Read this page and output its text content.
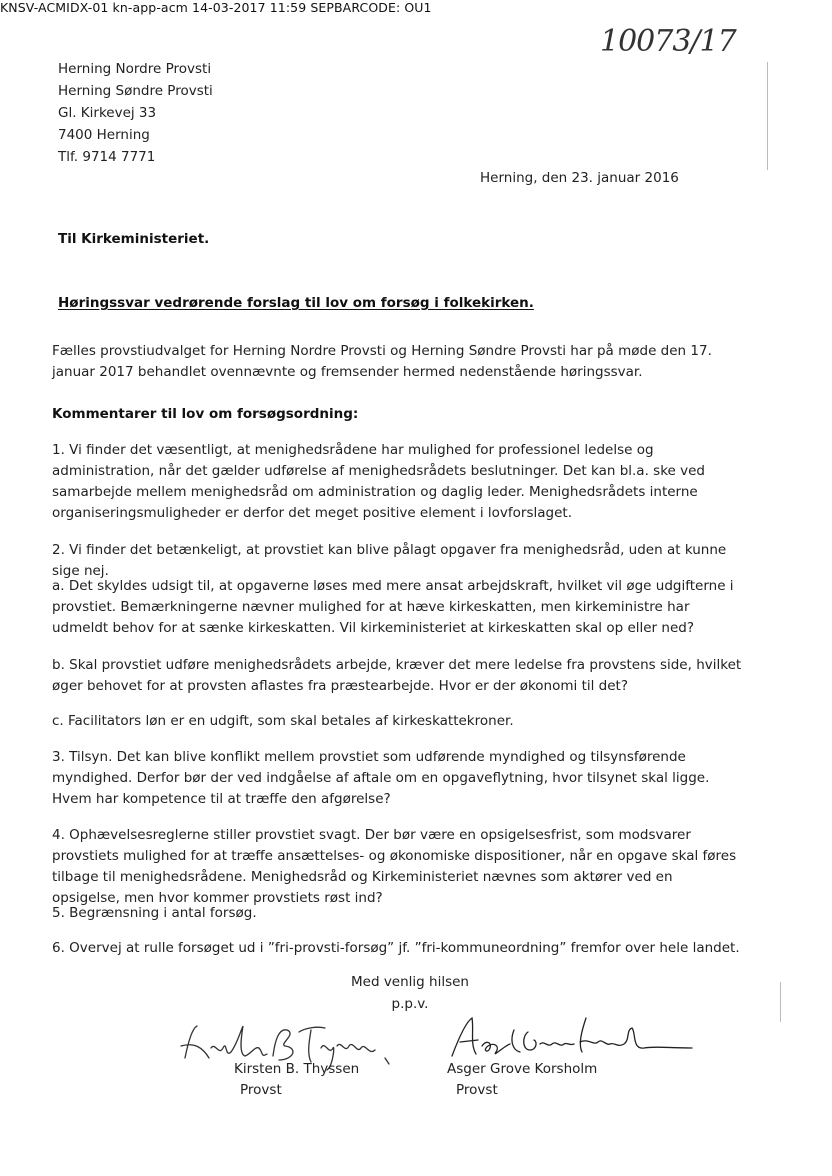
KNSV-ACMIDX-01 kn-app-acm 14-03-2017 11:59 SEPBARCODE: OU1
10073/17
Herning Nordre Provsti
Herning Søndre Provsti
Gl. Kirkevej 33
7400 Herning
Tlf. 9714 7771
Herning, den 23. januar 2016
Til Kirkeministeriet.
Høringssvar vedrørende forslag til lov om forsøg i folkekirken.
Fælles provstiudvalget for Herning Nordre Provsti og Herning Søndre Provsti har på møde den 17. januar 2017 behandlet ovennævnte og fremsender hermed nedenstående høringssvar.
Kommentarer til lov om forsøgsordning:
1. Vi finder det væsentligt, at menighedsrådene har mulighed for professionel ledelse og administration, når det gælder udførelse af menighedsrådets beslutninger. Det kan bl.a. ske ved samarbejde mellem menighedsråd om administration og daglig leder. Menighedsrådets interne organiseringsmuligheder er derfor det meget positive element i lovforslaget.
2. Vi finder det betænkeligt, at provstiet kan blive pålagt opgaver fra menighedsråd, uden at kunne sige nej.
a. Det skyldes udsigt til, at opgaverne løses med mere ansat arbejdskraft, hvilket vil øge udgifterne i provstiet. Bemærkningerne nævner mulighed for at hæve kirkeskatten, men kirkeministre har udmeldt behov for at sænke kirkeskatten. Vil kirkeministeriet at kirkeskatten skal op eller ned?
b. Skal provstiet udføre menighedsrådets arbejde, kræver det mere ledelse fra provstens side, hvilket øger behovet for at provsten aflastes fra præstearbejde. Hvor er der økonomi til det?
c. Facilitators løn er en udgift, som skal betales af kirkeskattekroner.
3. Tilsyn. Det kan blive konflikt mellem provstiet som udførende myndighed og tilsynsførende myndighed. Derfor bør der ved indgåelse af aftale om en opgaveflytning, hvor tilsynet skal ligge. Hvem har kompetence til at træffe den afgørelse?
4. Ophævelsesreglerne stiller provstiet svagt. Der bør være en opsigelsesfrist, som modsvarer provstiets mulighed for at træffe ansættelses- og økonomiske dispositioner, når en opgave skal føres tilbage til menighedsrådene. Menighedsråd og Kirkeministeriet nævnes som aktører ved en opsigelse, men hvor kommer provstiets røst ind?
5. Begrænsning i antal forsøg.
6. Overvej at rulle forsøget ud i ”fri-provsti-forsøg” jf. ”fri-kommuneordning” fremfor over hele landet.
Med venlig hilsen
p.p.v.
Kirsten B. Thyssen
Provst
Asger Grove Korsholm
Provst
